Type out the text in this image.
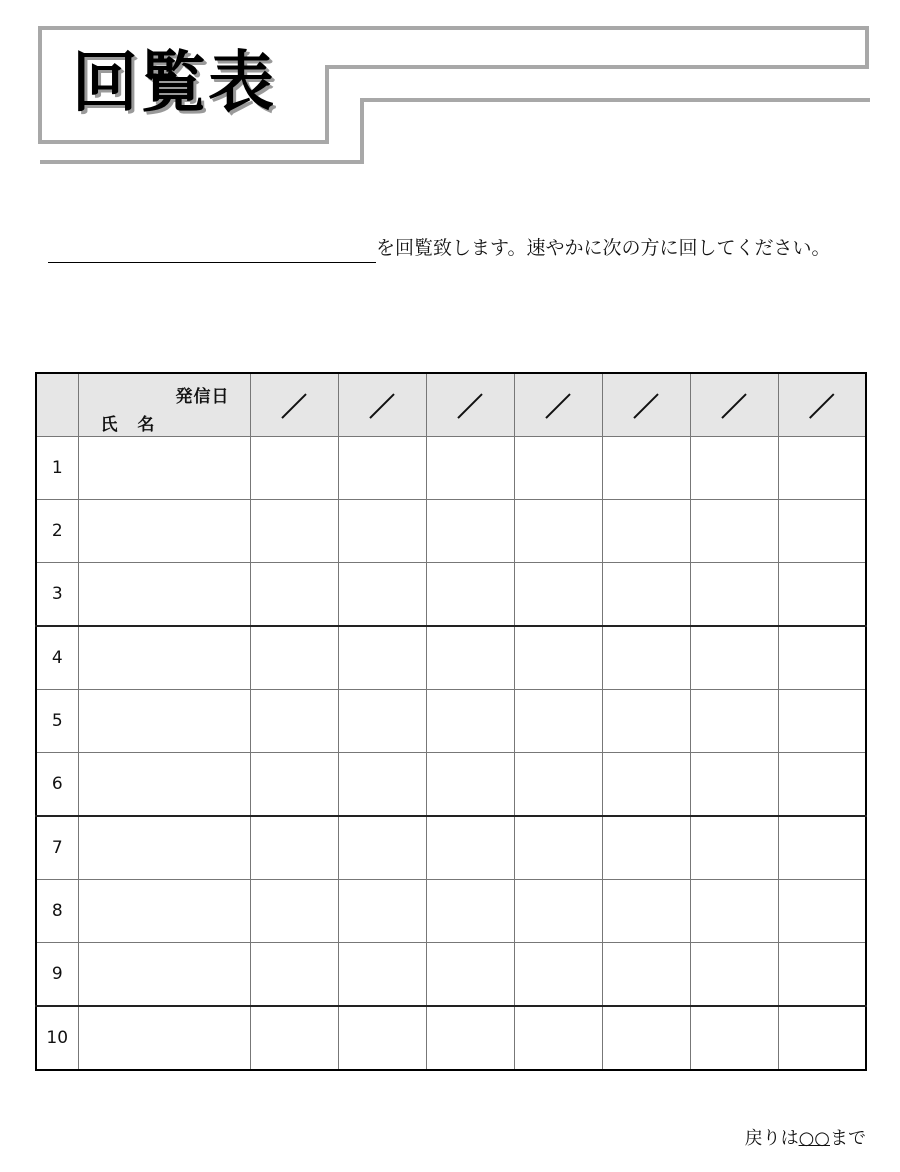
回覧表
を回覧致します。速やかに次の方に回してください。

	発信日
氏 名	／	／	／	／	／	／	／
1								
2								
3								
4								
5								
6								
7								
8								
9								
10								
戻りは○○まで
